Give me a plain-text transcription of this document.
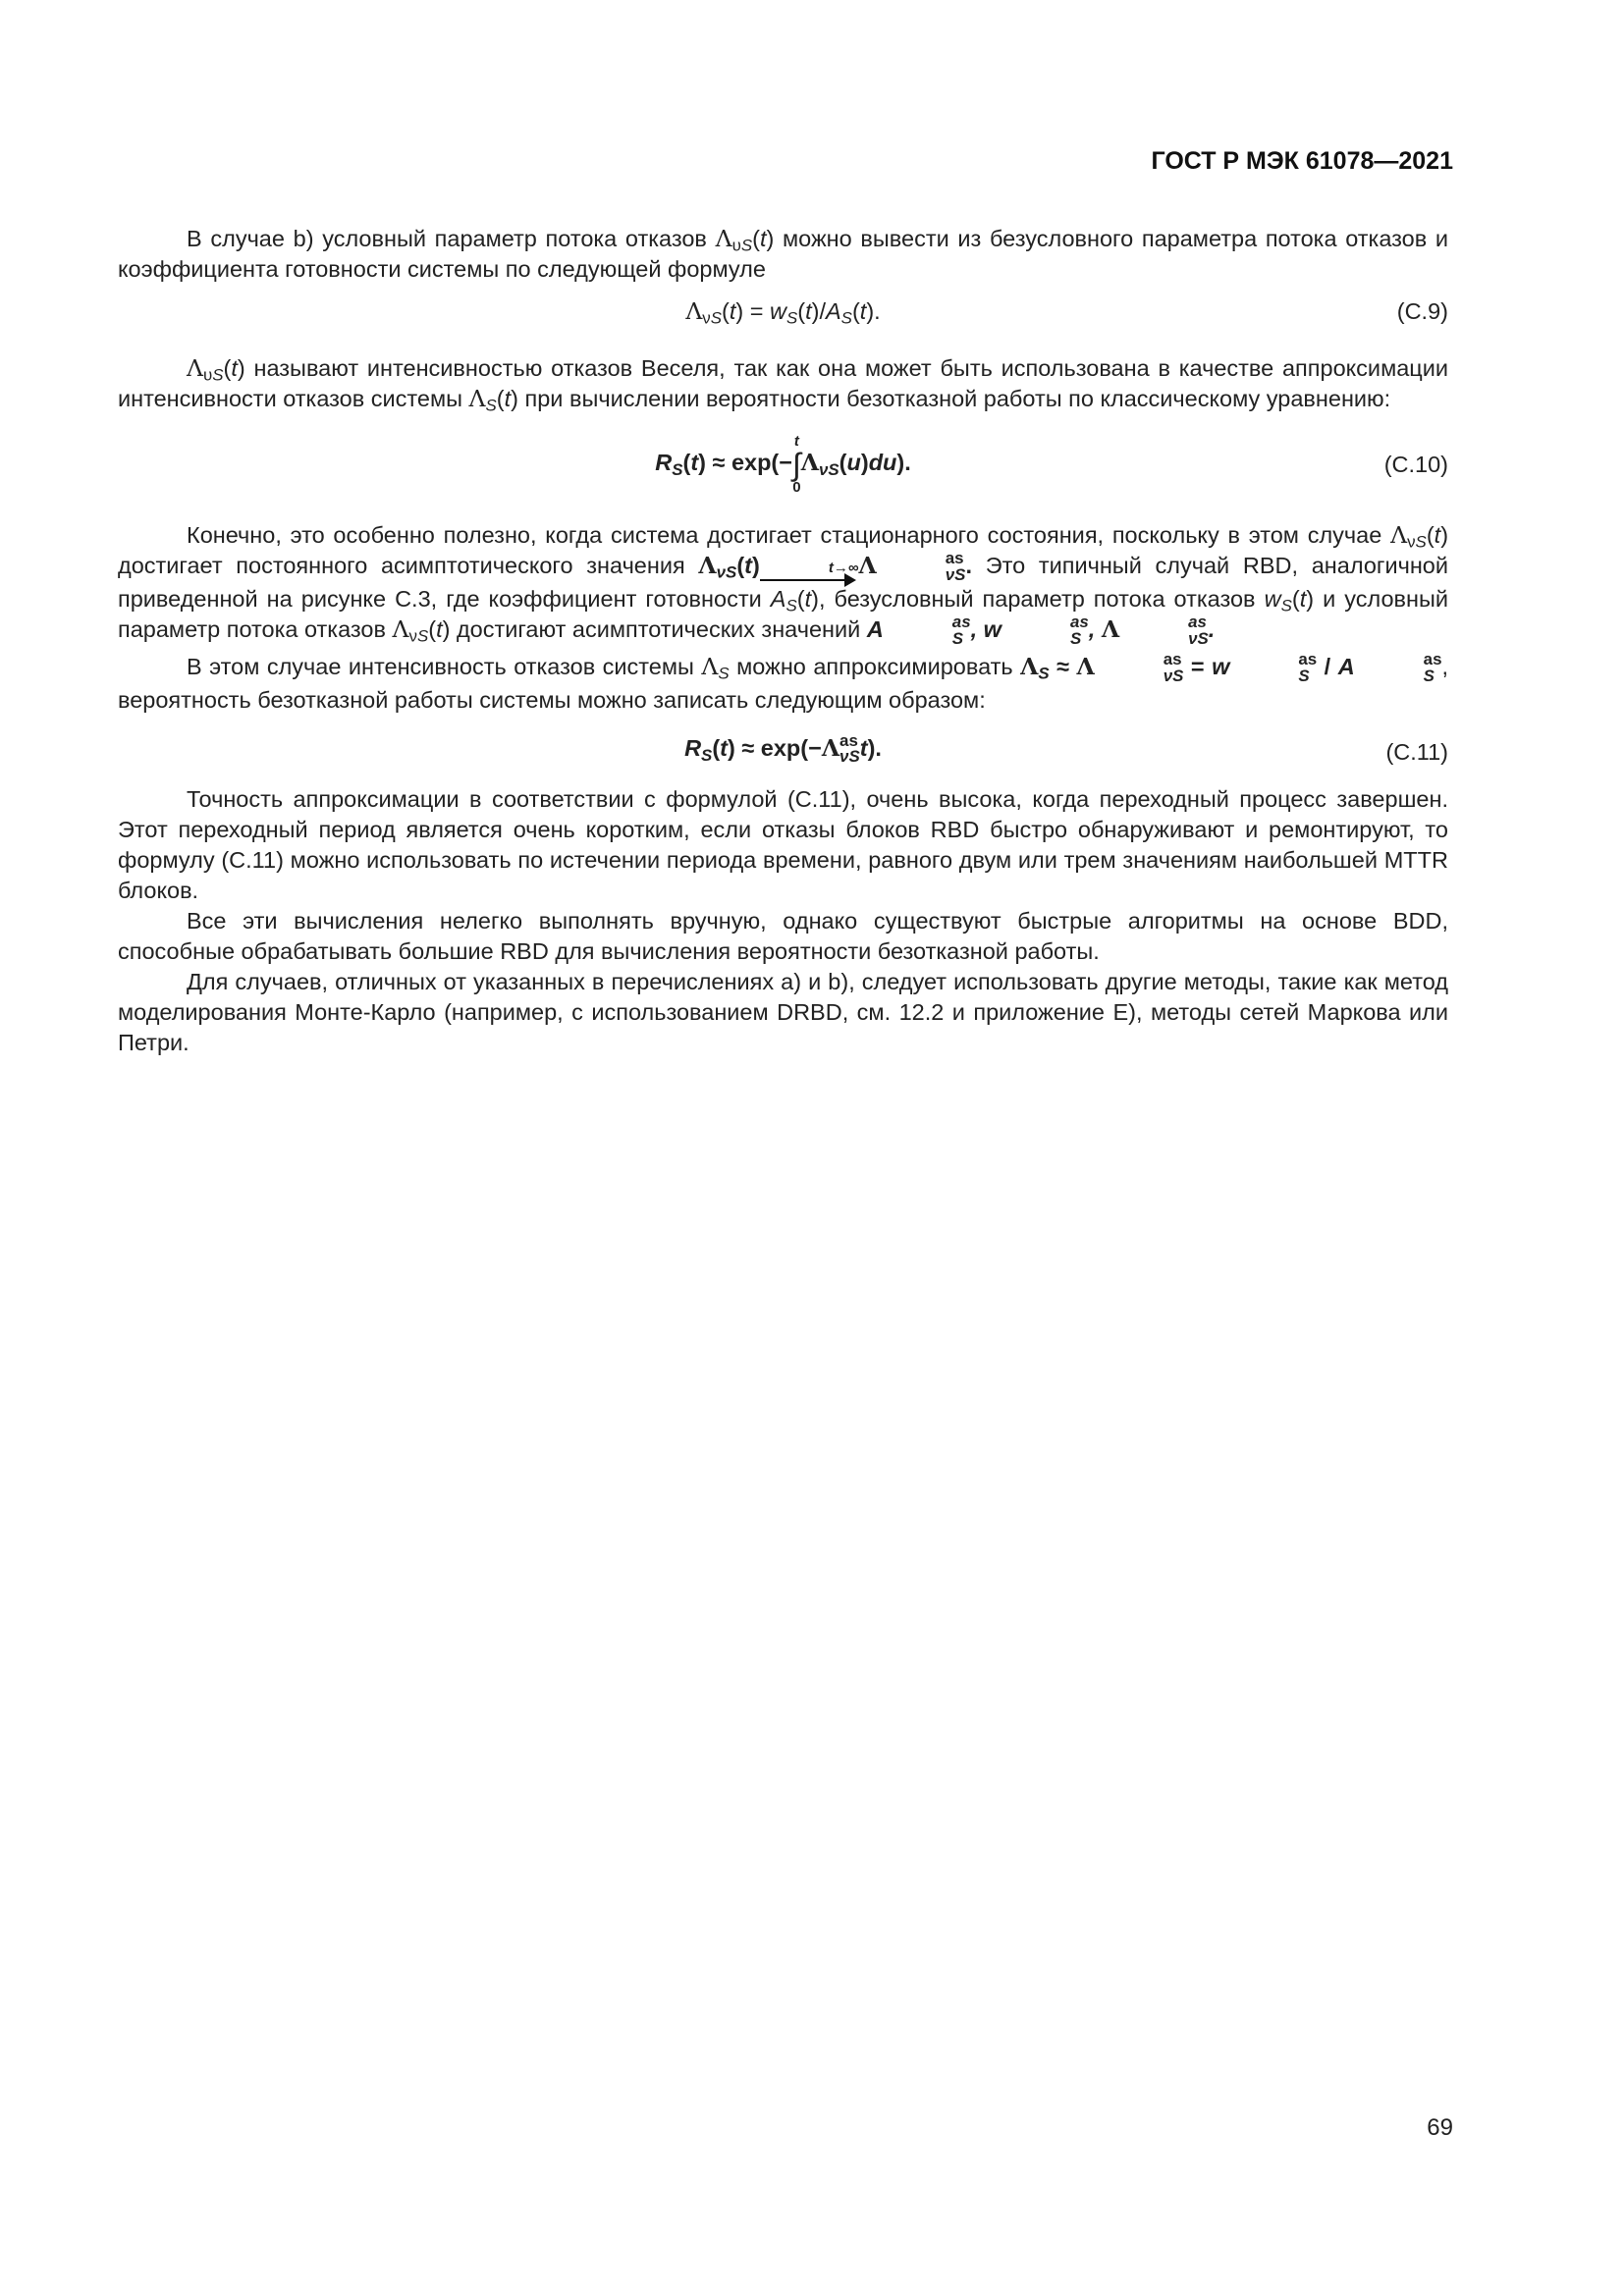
ГОСТ Р МЭК 61078—2021

В случае b) условный параметр потока отказов $\Lambda_{\upsilon S}(t)$ можно вывести из безусловного параметра потока отказов и коэффициента готовности системы по следующей формуле

$\Lambda_{\nu S}(t) = w_S(t)/A_S(t)$.	(C.9)

$\Lambda_{\upsilon S}(t)$ называют интенсивностью отказов Веселя, так как она может быть использована в качестве аппроксимации интенсивности отказов системы $\Lambda_S(t)$ при вычислении вероятности безотказной работы по классическому уравнению:

$R_S(t) \approx \exp(-$
t
∫
0
$\Lambda_{\nu S}(u)du$).	(C.10)

Конечно, это особенно полезно, когда система достигает стационарного состояния, поскольку в этом случае $\Lambda_{\nu S}(t)$ достигает постоянного асимптотического значения $\Lambda_{\nu S}(t)$	t→∞
Λ	as
νS . Это типичный случай RBD, аналогичной приведенной на рисунке C.3, где коэффициент готовности $A_S(t)$, безусловный параметр потока отказов $w_S(t)$ и условный параметр потока отказов $\Lambda_{\nu S}(t)$ достигают асимптотических значений A	as
S , w	as
S , Λ	as
νS .

В этом случае интенсивность отказов системы $\Lambda_S$ можно аппроксимировать $\Lambda_S \approx \Lambda$	as
νS = w	as
S / A	as
S , вероятность безотказной работы системы можно записать следующим образом:

$R_S(t) \approx \exp(-\Lambda$ as
νS t).	(C.11)

Точность аппроксимации в соответствии с формулой (C.11), очень высока, когда переходный процесс завершен. Этот переходный период является очень коротким, если отказы блоков RBD быстро обнаруживают и ремонтируют, то формулу (C.11) можно использовать по истечении периода времени, равного двум или трем значениям наибольшей MTTR блоков.

Все эти вычисления нелегко выполнять вручную, однако существуют быстрые алгоритмы на основе BDD, способные обрабатывать большие RBD для вычисления вероятности безотказной работы.

Для случаев, отличных от указанных в перечислениях a) и b), следует использовать другие методы, такие как метод моделирования Монте-Карло (например, с использованием DRBD, см. 12.2 и приложение E), методы сетей Маркова или Петри.

69
